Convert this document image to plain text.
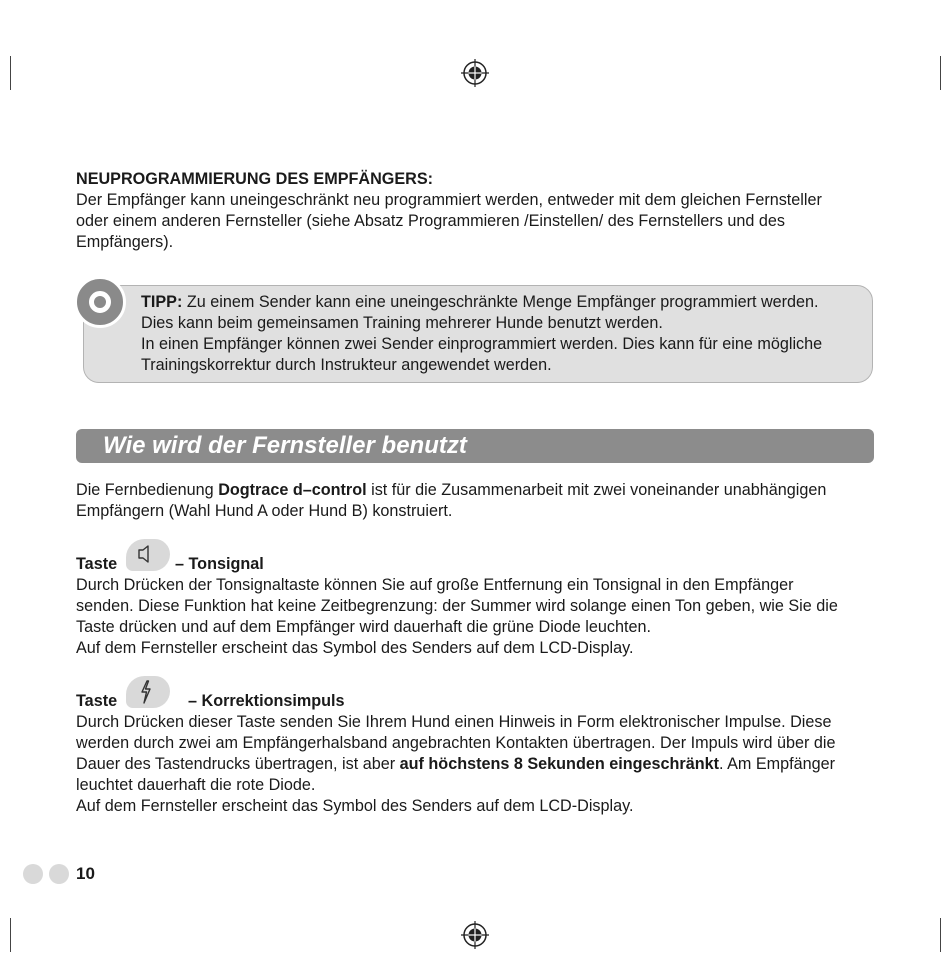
NEUPROGRAMMIERUNG DES EMPFÄNGERS:

Der Empfänger kann uneingeschränkt neu programmiert werden, entweder mit dem gleichen Fernsteller

oder einem anderen Fernsteller (siehe Absatz Programmieren /Einstellen/ des Fernstellers und des

Empfängers).

TIPP: Zu einem Sender kann eine uneingeschränkte Menge Empfänger programmiert werden.

Dies kann beim gemeinsamen Training mehrerer Hunde benutzt werden.

In einen Empfänger können zwei Sender einprogrammiert werden. Dies kann für eine mögliche

Trainingskorrektur durch Instrukteur angewendet werden.

Wie wird der Fernsteller benutzt

Die Fernbedienung Dogtrace d–control ist für die Zusammenarbeit mit zwei voneinander unabhängigen

Empfängern (Wahl Hund A oder Hund B) konstruiert.

Taste	– Tonsignal

Durch Drücken der Tonsignaltaste können Sie auf große Entfernung ein Tonsignal in den Empfänger

senden. Diese Funktion hat keine Zeitbegrenzung: der Summer wird solange einen Ton geben, wie Sie die

Taste drücken und auf dem Empfänger wird dauerhaft die grüne Diode leuchten.

Auf dem Fernsteller erscheint das Symbol des Senders auf dem LCD-Display.

Taste	– Korrektionsimpuls

Durch Drücken dieser Taste senden Sie Ihrem Hund einen Hinweis in Form elektronischer Impulse. Diese

werden durch zwei am Empfängerhalsband angebrachten Kontakten übertragen. Der Impuls wird über die

Dauer des Tastendrucks übertragen, ist aber auf höchstens 8 Sekunden eingeschränkt. Am Empfänger

leuchtet dauerhaft die rote Diode.

Auf dem Fernsteller erscheint das Symbol des Senders auf dem LCD-Display.

10
